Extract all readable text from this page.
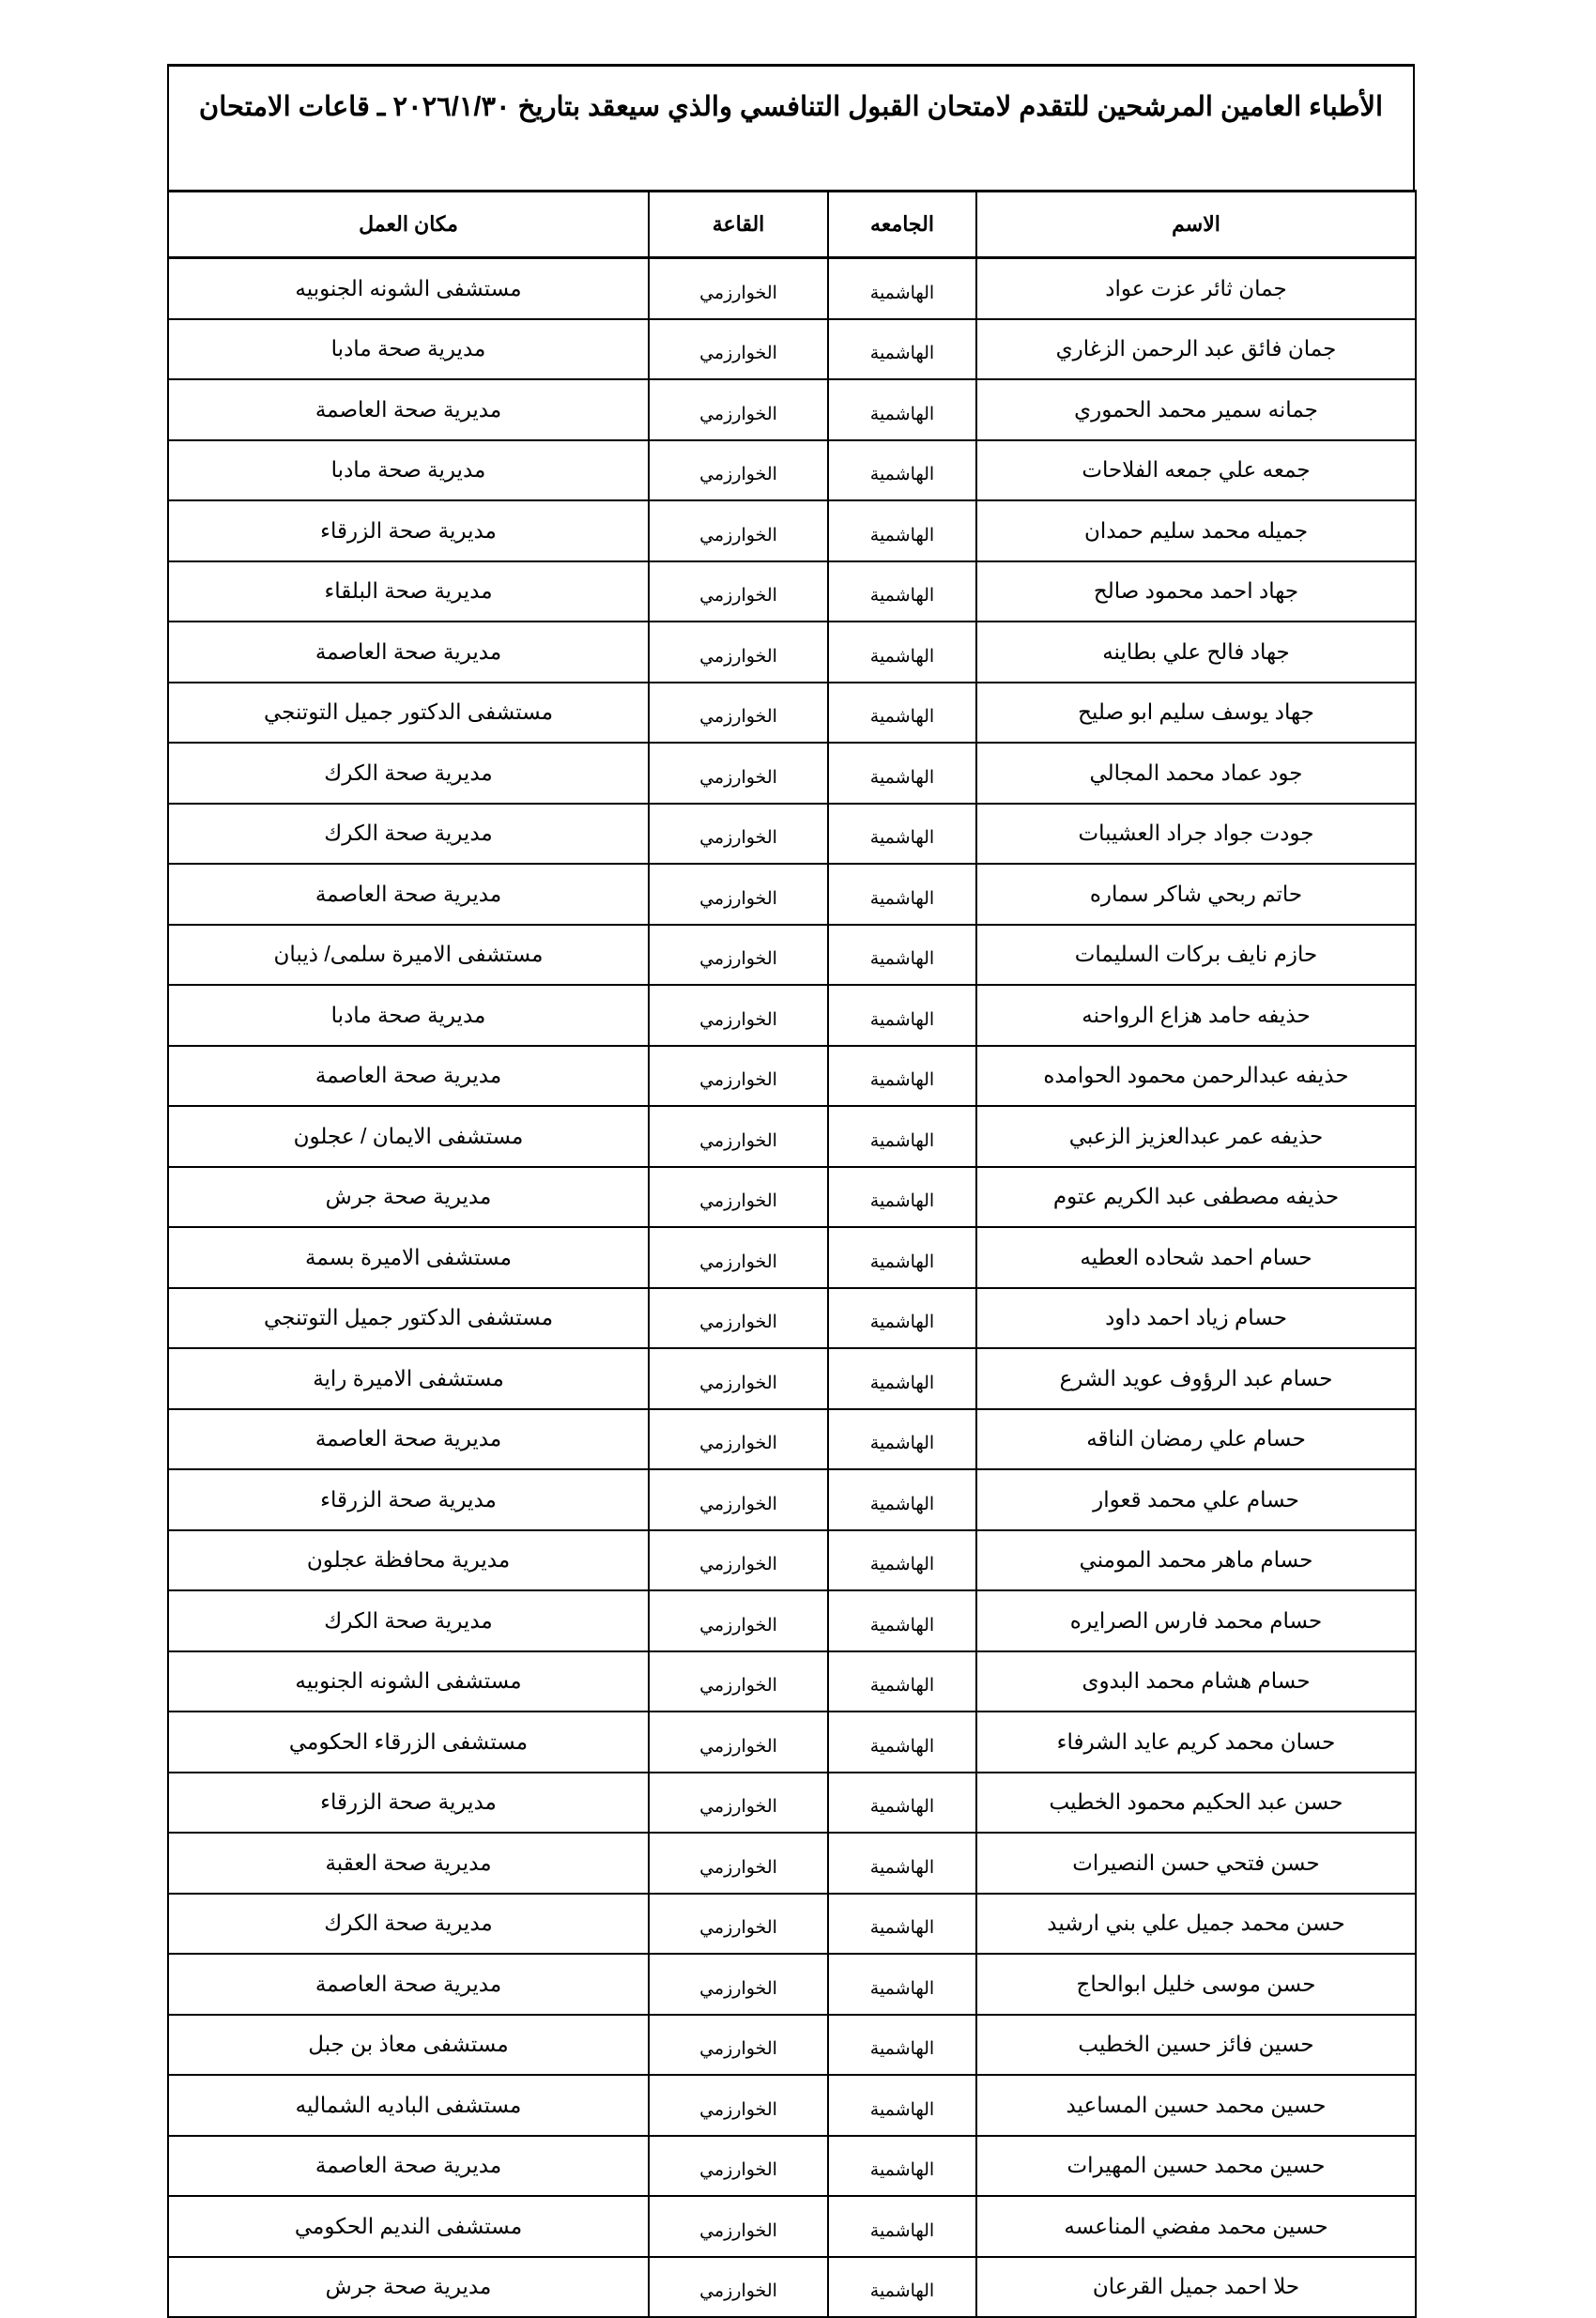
الأطباء العامين المرشحين للتقدم لامتحان القبول التنافسي والذي سيعقد بتاريخ ٢٠٢٦/١/٣٠ ـ قاعات الامتحان
الاسم	الجامعه	القاعة	مكان العمل
جمان ثائر عزت عواد	الهاشمية	الخوارزمي	مستشفى الشونه الجنوبيه
جمان فائق عبد الرحمن الزغاري	الهاشمية	الخوارزمي	مديرية صحة مادبا
جمانه سمير محمد الحموري	الهاشمية	الخوارزمي	مديرية صحة العاصمة
جمعه علي جمعه الفلاحات	الهاشمية	الخوارزمي	مديرية صحة مادبا
جميله محمد سليم حمدان	الهاشمية	الخوارزمي	مديرية صحة الزرقاء
جهاد احمد محمود صالح	الهاشمية	الخوارزمي	مديرية صحة البلقاء
جهاد فالح علي بطاينه	الهاشمية	الخوارزمي	مديرية صحة العاصمة
جهاد يوسف سليم ابو صليح	الهاشمية	الخوارزمي	مستشفى الدكتور جميل التوتنجي
جود عماد محمد المجالي	الهاشمية	الخوارزمي	مديرية صحة الكرك
جودت جواد جراد العشيبات	الهاشمية	الخوارزمي	مديرية صحة الكرك
حاتم ربحي شاكر سماره	الهاشمية	الخوارزمي	مديرية صحة العاصمة
حازم نايف بركات السليمات	الهاشمية	الخوارزمي	مستشفى الاميرة سلمى/ ذيبان
حذيفه حامد هزاع الرواحنه	الهاشمية	الخوارزمي	مديرية صحة مادبا
حذيفه عبدالرحمن محمود الحوامده	الهاشمية	الخوارزمي	مديرية صحة العاصمة
حذيفه عمر عبدالعزيز الزعبي	الهاشمية	الخوارزمي	مستشفى الايمان / عجلون
حذيفه مصطفى عبد الكريم عتوم	الهاشمية	الخوارزمي	مديرية صحة جرش
حسام احمد شحاده العطيه	الهاشمية	الخوارزمي	مستشفى الاميرة بسمة
حسام زياد احمد داود	الهاشمية	الخوارزمي	مستشفى الدكتور جميل التوتنجي
حسام عبد الرؤوف عويد الشرع	الهاشمية	الخوارزمي	مستشفى الاميرة راية
حسام علي رمضان الناقه	الهاشمية	الخوارزمي	مديرية صحة العاصمة
حسام علي محمد قعوار	الهاشمية	الخوارزمي	مديرية صحة الزرقاء
حسام ماهر محمد المومني	الهاشمية	الخوارزمي	مديرية محافظة عجلون
حسام محمد فارس الصرايره	الهاشمية	الخوارزمي	مديرية صحة الكرك
حسام هشام محمد البدوى	الهاشمية	الخوارزمي	مستشفى الشونه الجنوبيه
حسان محمد كريم عايد الشرفاء	الهاشمية	الخوارزمي	مستشفى الزرقاء الحكومي
حسن عبد الحكيم محمود الخطيب	الهاشمية	الخوارزمي	مديرية صحة الزرقاء
حسن فتحي حسن النصيرات	الهاشمية	الخوارزمي	مديرية صحة العقبة
حسن محمد جميل علي بني ارشيد	الهاشمية	الخوارزمي	مديرية صحة الكرك
حسن موسى خليل ابوالحاج	الهاشمية	الخوارزمي	مديرية صحة العاصمة
حسين فائز حسين الخطيب	الهاشمية	الخوارزمي	مستشفى معاذ بن جبل
حسين محمد حسين المساعيد	الهاشمية	الخوارزمي	مستشفى الباديه الشماليه
حسين محمد حسين المهيرات	الهاشمية	الخوارزمي	مديرية صحة العاصمة
حسين محمد مفضي المناعسه	الهاشمية	الخوارزمي	مستشفى النديم الحكومي
حلا احمد جميل القرعان	الهاشمية	الخوارزمي	مديرية صحة جرش
